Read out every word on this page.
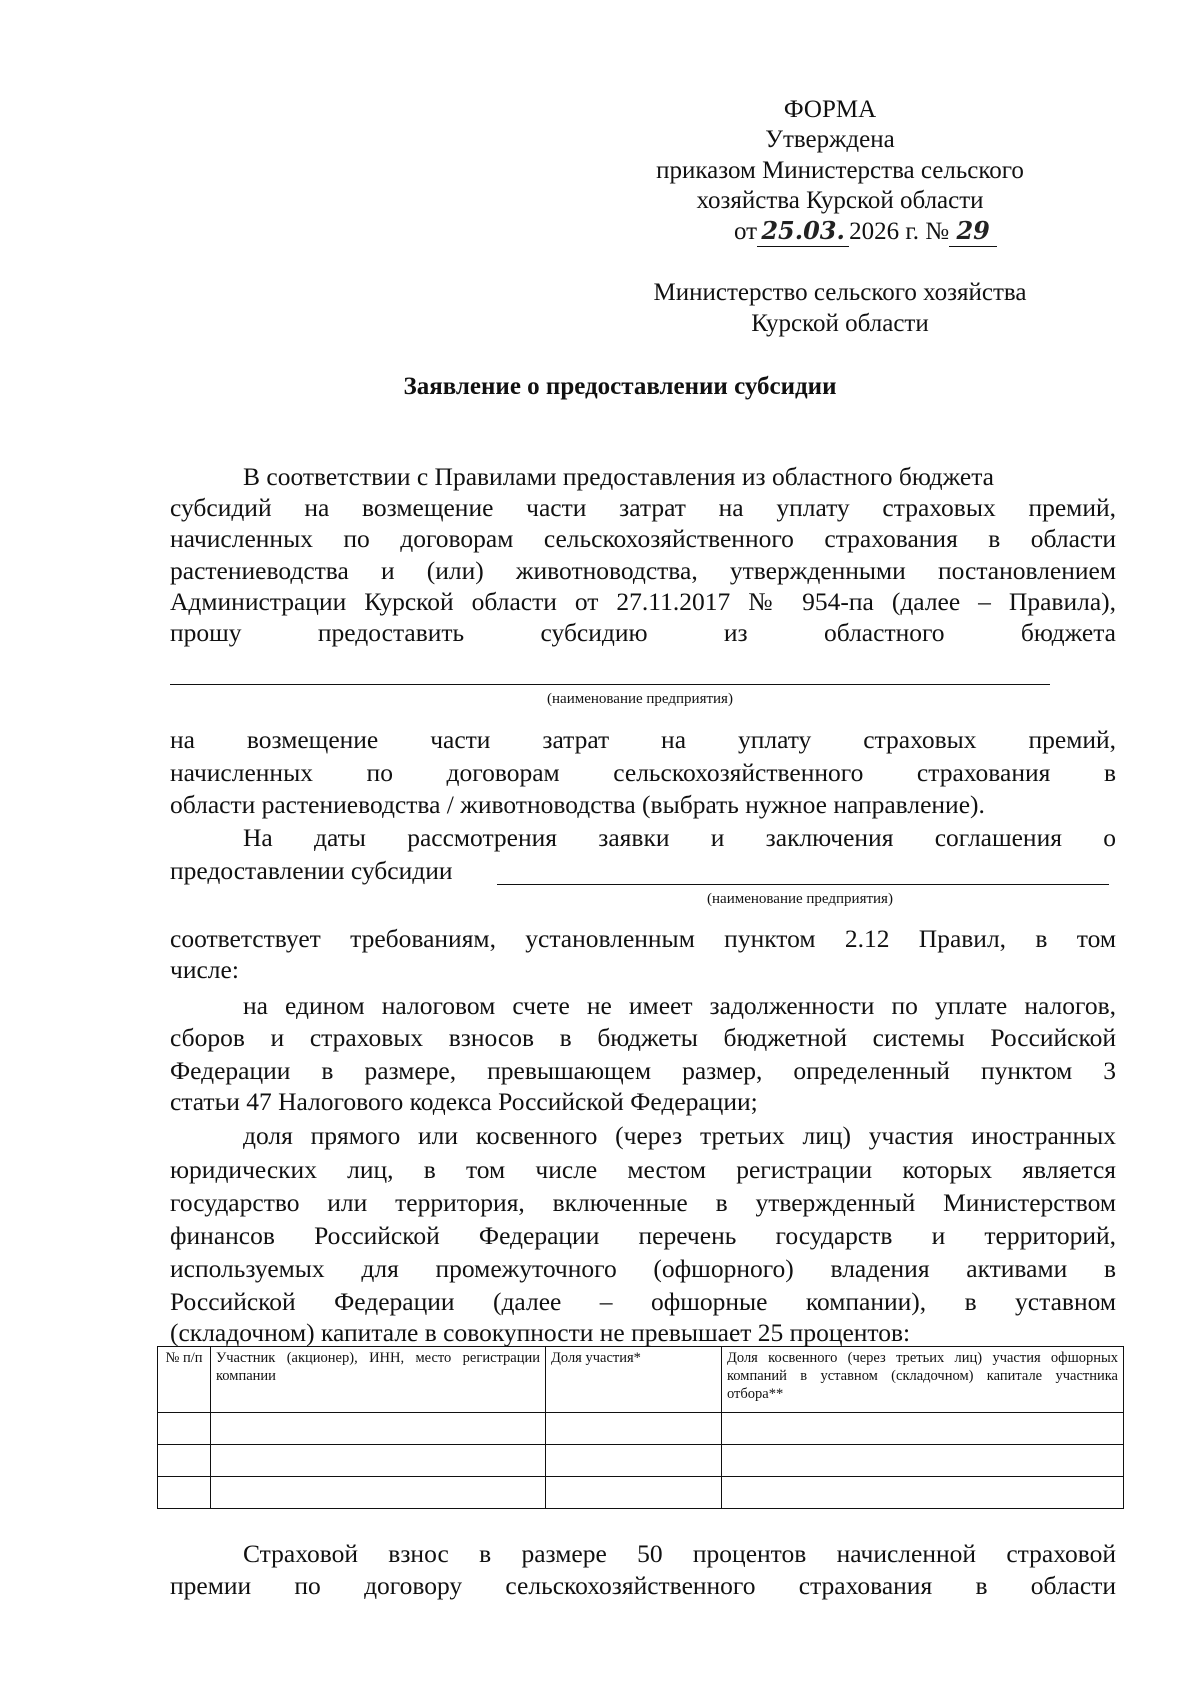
ФОРМА
Утверждена
приказом Министерства сельского
хозяйства Курской области
от 25.03. 2026 г. № 29
Министерство сельского хозяйства
Курской области
Заявление о предоставлении субсидии
В соответствии с Правилами предоставления из областного бюджета
субсидий на возмещение части затрат на уплату страховых премий,
начисленных по договорам сельскохозяйственного страхования в области
растениеводства и (или) животноводства, утвержденными постановлением
Администрации Курской области от 27.11.2017 № 954-па (далее – Правила),
прошу предоставить субсидию из областного бюджета
(наименование предприятия)
на возмещение части затрат на уплату страховых премий,
начисленных по договорам сельскохозяйственного страхования в
области растениеводства / животноводства (выбрать нужное направление).
На даты рассмотрения заявки и заключения соглашения о
предоставлении субсидии
(наименование предприятия)
соответствует требованиям, установленным пунктом 2.12 Правил, в том
числе:
на едином налоговом счете не имеет задолженности по уплате налогов,
сборов и страховых взносов в бюджеты бюджетной системы Российской
Федерации в размере, превышающем размер, определенный пунктом 3
статьи 47 Налогового кодекса Российской Федерации;
доля прямого или косвенного (через третьих лиц) участия иностранных
юридических лиц, в том числе местом регистрации которых является
государство или территория, включенные в утвержденный Министерством
финансов Российской Федерации перечень государств и территорий,
используемых для промежуточного (офшорного) владения активами в
Российской Федерации (далее – офшорные компании), в уставном
(складочном) капитале в совокупности не превышает 25 процентов:
№ п/п	Участник (акционер), ИНН, место регистрации компании	Доля участия*	Доля косвенного (через третьих лиц) участия офшорных компаний в уставном (складочном) капитале участника отбора**

Страховой взнос в размере 50 процентов начисленной страховой
премии по договору сельскохозяйственного страхования в области
